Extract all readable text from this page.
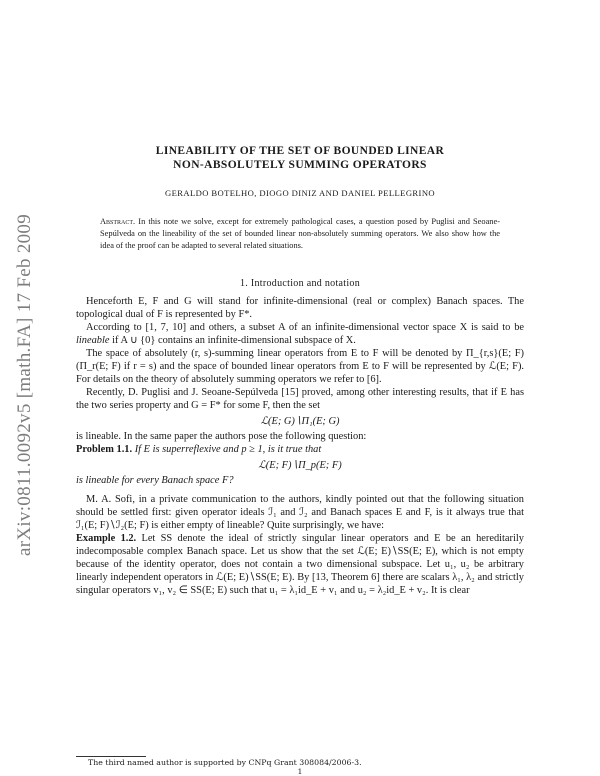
arXiv:0811.0092v5 [math.FA] 17 Feb 2009

LINEABILITY OF THE SET OF BOUNDED LINEAR
NON-ABSOLUTELY SUMMING OPERATORS

GERALDO BOTELHO, DIOGO DINIZ AND DANIEL PELLEGRINO
Abstract. In this note we solve, except for extremely pathological cases, a question posed by Puglisi and Seoane-Sepúlveda on the lineability of the set of bounded linear non-absolutely summing operators. We also show how the idea of the proof can be adapted to several related situations.
1. Introduction and notation

Henceforth E, F and G will stand for infinite-dimensional (real or complex) Banach spaces. The topological dual of F is represented by F*.

According to [1, 7, 10] and others, a subset A of an infinite-dimensional vector space X is said to be lineable if A ∪ {0} contains an infinite-dimensional subspace of X.

The space of absolutely (r, s)-summing linear operators from E to F will be denoted by Π_{r,s}(E; F) (Π_r(E; F) if r = s) and the space of bounded linear operators from E to F will be represented by ℒ(E; F). For details on the theory of absolutely summing operators we refer to [6].

Recently, D. Puglisi and J. Seoane-Sepúlveda [15] proved, among other interesting results, that if E has the two series property and G = F* for some F, then the set

ℒ(E; G)∖Π₁(E; G)

is lineable. In the same paper the authors pose the following question:

Problem 1.1. If E is superreflexive and p ≥ 1, is it true that

ℒ(E; F)∖Π_p(E; F)

is lineable for every Banach space F?

M. A. Sofi, in a private communication to the authors, kindly pointed out that the following situation should be settled first: given operator ideals ℐ₁ and ℐ₂ and Banach spaces E and F, is it always true that ℐ₁(E; F)∖ℐ₂(E; F) is either empty of lineable? Quite surprisingly, we have:

Example 1.2. Let SS denote the ideal of strictly singular linear operators and E be an hereditarily indecomposable complex Banach space. Let us show that the set ℒ(E; E)∖SS(E; E), which is not empty because of the identity operator, does not contain a two dimensional subspace. Let u₁, u₂ be arbitrary linearly independent operators in ℒ(E; E)∖SS(E; E). By [13, Theorem 6] there are scalars λ₁, λ₂ and strictly singular operators v₁, v₂ ∈ SS(E; E) such that u₁ = λ₁id_E + v₁ and u₂ = λ₂id_E + v₂. It is clear

The third named author is supported by CNPq Grant 308084/2006-3.
1
